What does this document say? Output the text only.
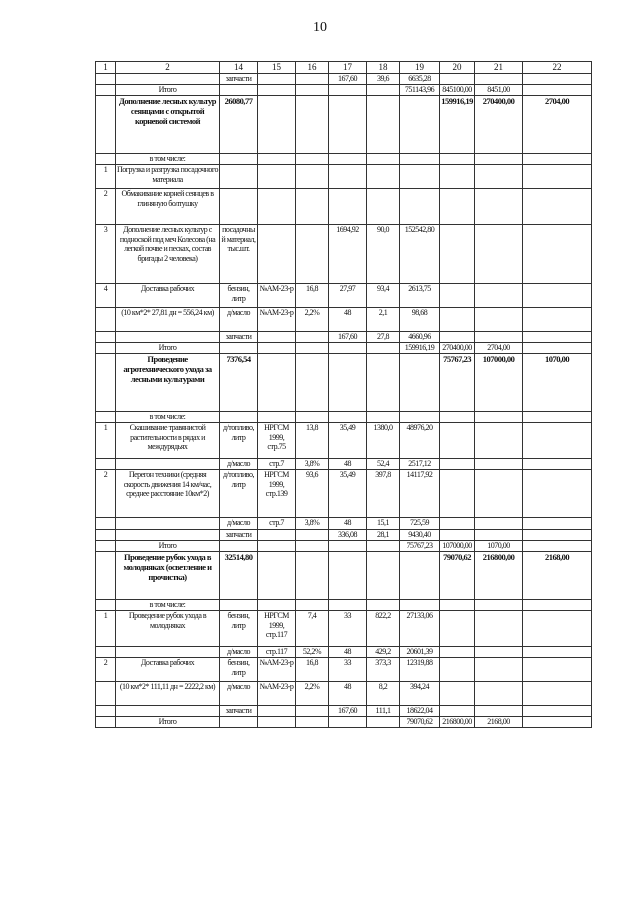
10
1	2	14	15	16	17	18	19	20	21	22
		запчасти			167,60	39,6	6635,28			
	Итого						751143,96	845100,00	8451,00	
	Дополнение лесных культур сеянцами с открытой корневой системой	26080,77						159916,19	270400,00	2704,00
	в том числе:									
1	Погрузка и разгрузка посадочного материала									
2	Обмакивание корней сеянцев в глиняную болтушку									
3	Дополнение лесных культур с подноской под меч Колесова (на легкой почве и песках, состав бригады 2 человека)	посадочный материал, тыс.шт.			1694,92	90,0	152542,80			
4	Доставка рабочих	бензин, литр	№АМ-23-р	16,8	27,97	93,4	2613,75			
	(10 км*2* 27,81 дн = 556,24 км)	д/масло	№АМ-23-р	2,2%	48	2,1	98,68			
		запчасти			167,60	27,8	4660,96			
	Итого						159916,19	270400,00	2704,00	
	Проведение агротехнического ухода за лесными культурами	7376,54						75767,23	107000,00	1070,00
	в том числе:									
1	Скашивание травянистой растительности в рядах и междурядьях	д/топливо, литр	НРГСМ 1999, стр.75	13,8	35,49	1380,0	48976,20			
		д/масло	стр.7	3,8%	48	52,4	2517,12			
2	Перегон техники (средняя скорость движения 14 км/час, среднее расстояние 10км*2)	д/топливо, литр	НРГСМ 1999, стр.139	93,6	35,49	397,8	14117,92			
		д/масло	стр.7	3,8%	48	15,1	725,59			
		запчасти			336,08	28,1	9430,40			
	Итого						75767,23	107000,00	1070,00	
	Проведение рубок ухода в молодняках (осветление и прочистка)	32514,80						79070,62	216800,00	2168,00
	в том числе:									
1	Проведение рубок ухода в молодняках	бензин, литр	НРГСМ 1999, стр.117	7,4	33	822,2	27133,06			
		д/масло	стр.117	52,2%	48	429,2	20601,39			
2	Доставка рабочих	бензин, литр	№АМ-23-р	16,8	33	373,3	12319,88			
	(10 км*2* 111,11 дн = 2222,2 км)	д/масло	№АМ-23-р	2,2%	48	8,2	394,24			
		запчасти			167,60	111,1	18622,04			
	Итого						79070,62	216800,00	2168,00	
